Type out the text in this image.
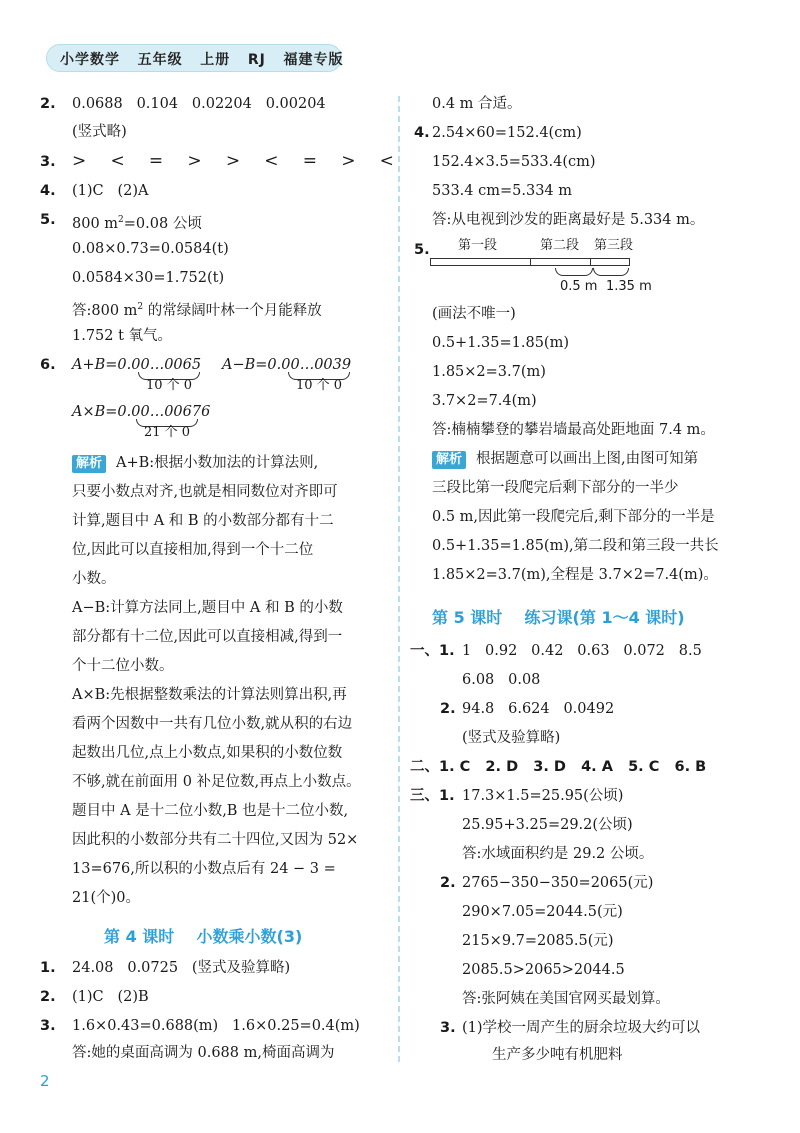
小学数学   五年级   上册   RJ   福建专版
2. 0.0688   0.104   0.02204   0.00204
(竖式略)
3. >   <   =   >   >   <   =   >   <
4. (1)C   (2)A
5. 800 $m^2=0.08$ 公顷
0.08×0.73=0.0584(t)
0.0584×30=1.752(t)
答:800 $m^2$ 的常绿阔叶林一个月能释放
1.752 t 氧气。
6. A+B=0.00…0065
10 个 0
A−B=0.00…0039
10 个 0
A×B=0.00…00676
21 个 0
解析 A+B:根据小数加法的计算法则,
只要小数点对齐,也就是相同数位对齐即可
计算,题目中 A 和 B 的小数部分都有十二
位,因此可以直接相加,得到一个十二位
小数。
A−B:计算方法同上,题目中 A 和 B 的小数
部分都有十二位,因此可以直接相减,得到一
个十二位小数。
A×B:先根据整数乘法的计算法则算出积,再
看两个因数中一共有几位小数,就从积的右边
起数出几位,点上小数点,如果积的小数位数
不够,就在前面用 0 补足位数,再点上小数点。
题目中 A 是十二位小数,B 也是十二位小数,
因此积的小数部分共有二十四位,又因为 52×
13=676,所以积的小数点后有 24 − 3 =
21(个)0。
第 4 课时    小数乘小数(3)
1. 24.08   0.0725   (竖式及验算略)
2. (1)C   (2)B
3. 1.6×0.43=0.688(m)   1.6×0.25=0.4(m)
答:她的桌面高调为 0.688 m,椅面高调为
0.4 m 合适。
4. 2.54×60=152.4(cm)
152.4×3.5=533.4(cm)
533.4 cm=5.334 m
答:从电视到沙发的距离最好是 5.334 m。
5. 第一段	第二段 第三段
0.5 m 1.35 m
(画法不唯一)
0.5+1.35=1.85(m)
1.85×2=3.7(m)
3.7×2=7.4(m)
答:楠楠攀登的攀岩墙最高处距地面 7.4 m。
解析 根据题意可以画出上图,由图可知第
三段比第一段爬完后剩下部分的一半少
0.5 m,因此第一段爬完后,剩下部分的一半是
0.5+1.35=1.85(m),第二段和第三段一共长
1.85×2=3.7(m),全程是 3.7×2=7.4(m)。
第 5 课时    练习课(第 1～4 课时)
一、1. 1   0.92   0.42   0.63   0.072   8.5
6.08   0.08
2. 94.8   6.624   0.0492
(竖式及验算略)
二、1. C   2. D   3. D   4. A   5. C   6. B
三、1. 17.3×1.5=25.95(公顷)
25.95+3.25=29.2(公顷)
答:水域面积约是 29.2 公顷。
2. 2765−350−350=2065(元)
290×7.05=2044.5(元)
215×9.7=2085.5(元)
2085.5>2065>2044.5
答:张阿姨在美国官网买最划算。
3. (1)学校一周产生的厨余垃圾大约可以
生产多少吨有机肥料
2
